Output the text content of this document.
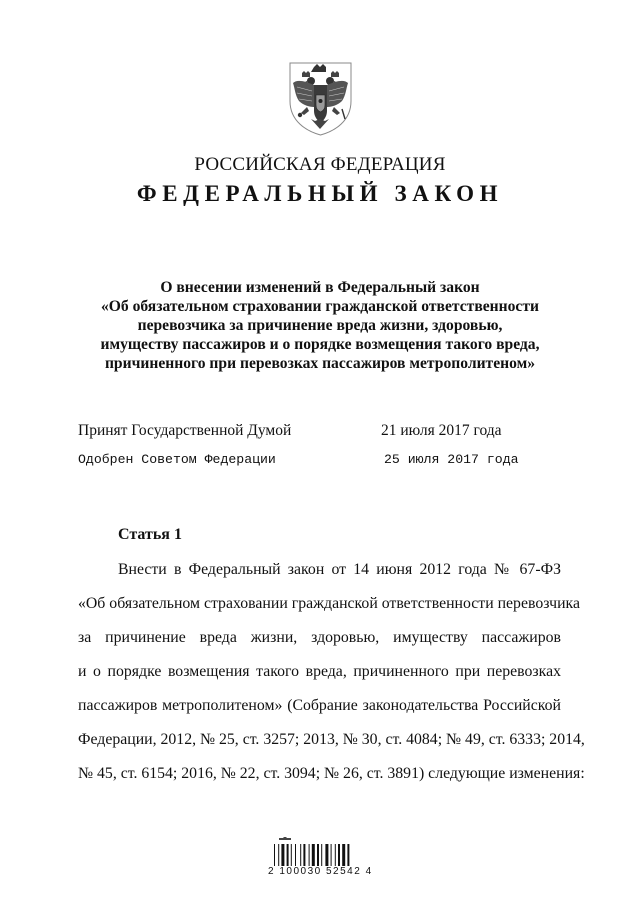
РОССИЙСКАЯ ФЕДЕРАЦИЯ
ФЕДЕРАЛЬНЫЙ ЗАКОН
О внесении изменений в Федеральный закон
«Об обязательном страховании гражданской ответственности
перевозчика за причинение вреда жизни, здоровью,
имуществу пассажиров и о порядке возмещения такого вреда,
причиненного при перевозках пассажиров метрополитеном»
Принят Государственной Думой	21 июля 2017 года
Одобрен Советом Федерации	25 июля 2017 года
Статья 1
Внести в Федеральный закон от 14 июня 2012 года № 67-ФЗ
«Об обязательном страховании гражданской ответственности перевозчика
за причинение вреда жизни, здоровью, имуществу пассажиров
и о порядке возмещения такого вреда, причиненного при перевозках
пассажиров метрополитеном» (Собрание законодательства Российской
Федерации, 2012, № 25, ст. 3257; 2013, № 30, ст. 4084; № 49, ст. 6333; 2014,
№ 45, ст. 6154; 2016, № 22, ст. 3094; № 26, ст. 3891) следующие изменения:
2 100030 52542 4
